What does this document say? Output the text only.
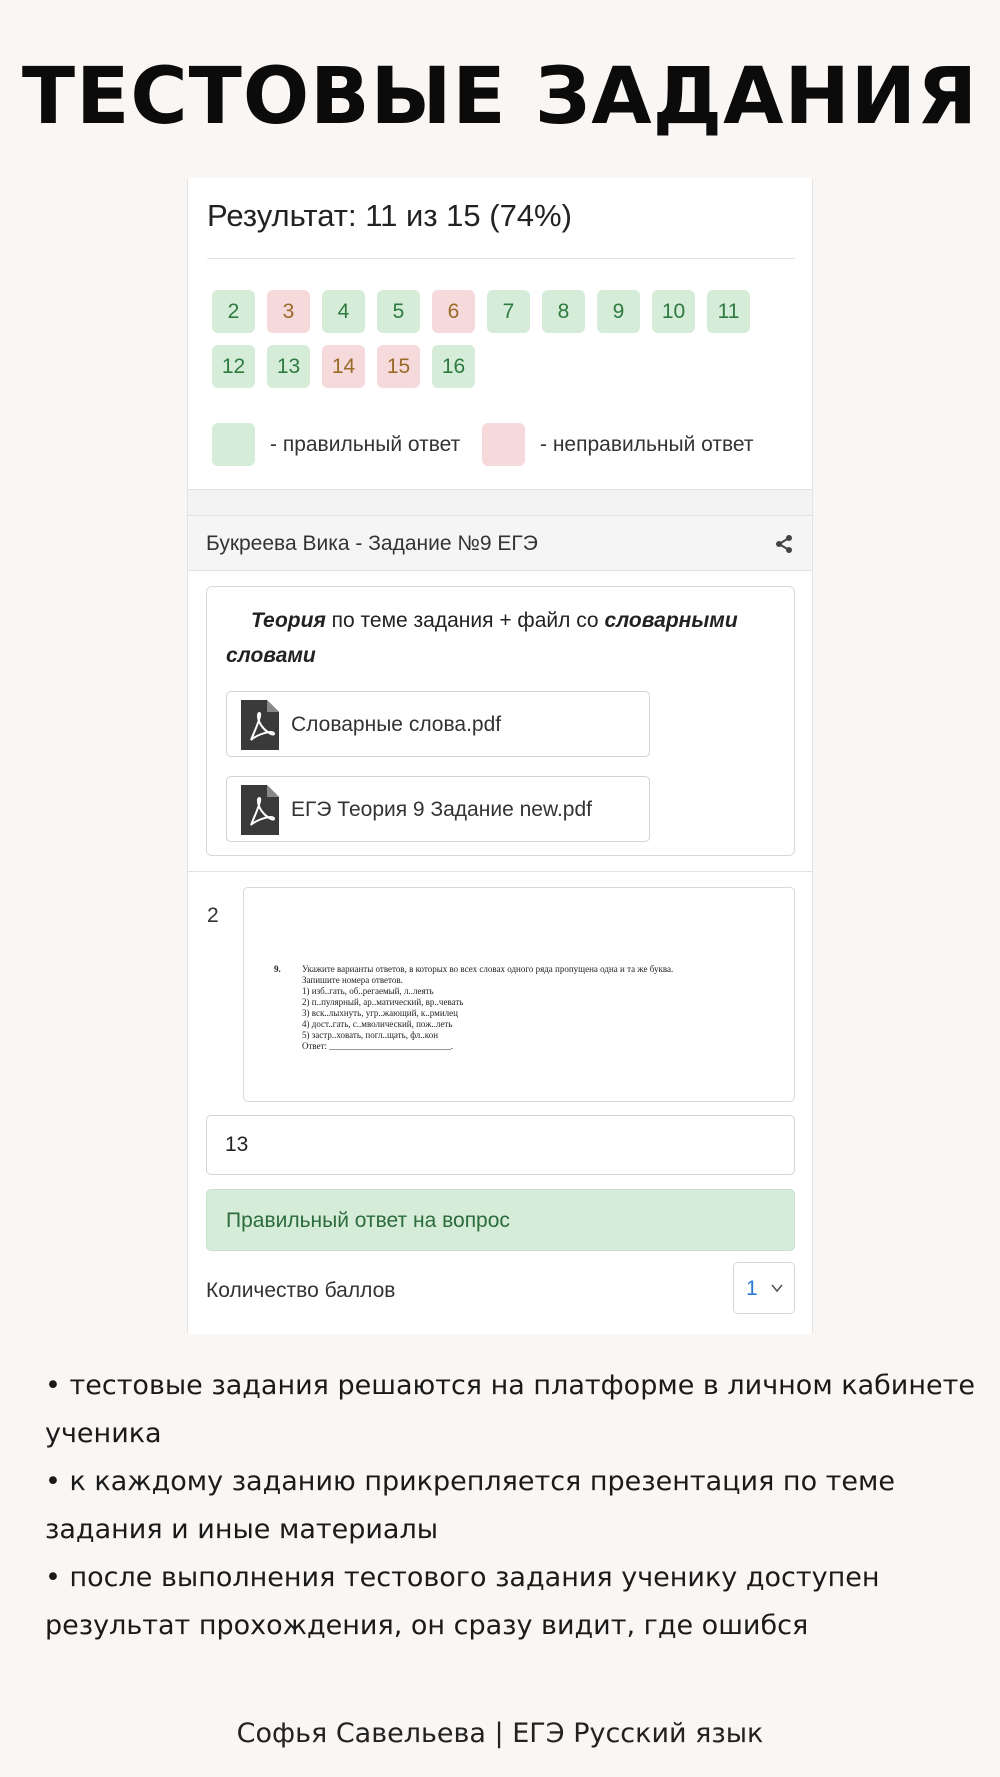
ТЕСТОВЫЕ ЗАДАНИЯ
Результат: 11 из 15 (74%)
2	3	4	5	6	7	8	9	10	11
12	13	14	15	16
- правильный ответ	- неправильный ответ
Букреева Вика - Задание №9 ЕГЭ
Теория по теме задания + файл со словарными словами
Словарные слова.pdf
ЕГЭ Теория 9 Задание new.pdf
2
9. Укажите варианты ответов, в которых во всех словах одного ряда пропущена одна и та же буква. Запишите номера ответов.
1) изб..гать, об..регаемый, л..леять
2) п..пулярный, ар..матический, вр..чевать
3) вск..лыхнуть, угр..жающий, к..рмилец
4) дост..гать, с..мволический, пож..леть
5) застр..ховать, погл..щать, фл..кон
Ответ: ___________________________.
13
Правильный ответ на вопрос
Количество баллов	1
• тестовые задания решаются на платформе в личном кабинете ученика
• к каждому заданию прикрепляется презентация по теме задания и иные материалы
• после выполнения тестового задания ученику доступен результат прохождения, он сразу видит, где ошибся
Софья Савельева | ЕГЭ Русский язык
